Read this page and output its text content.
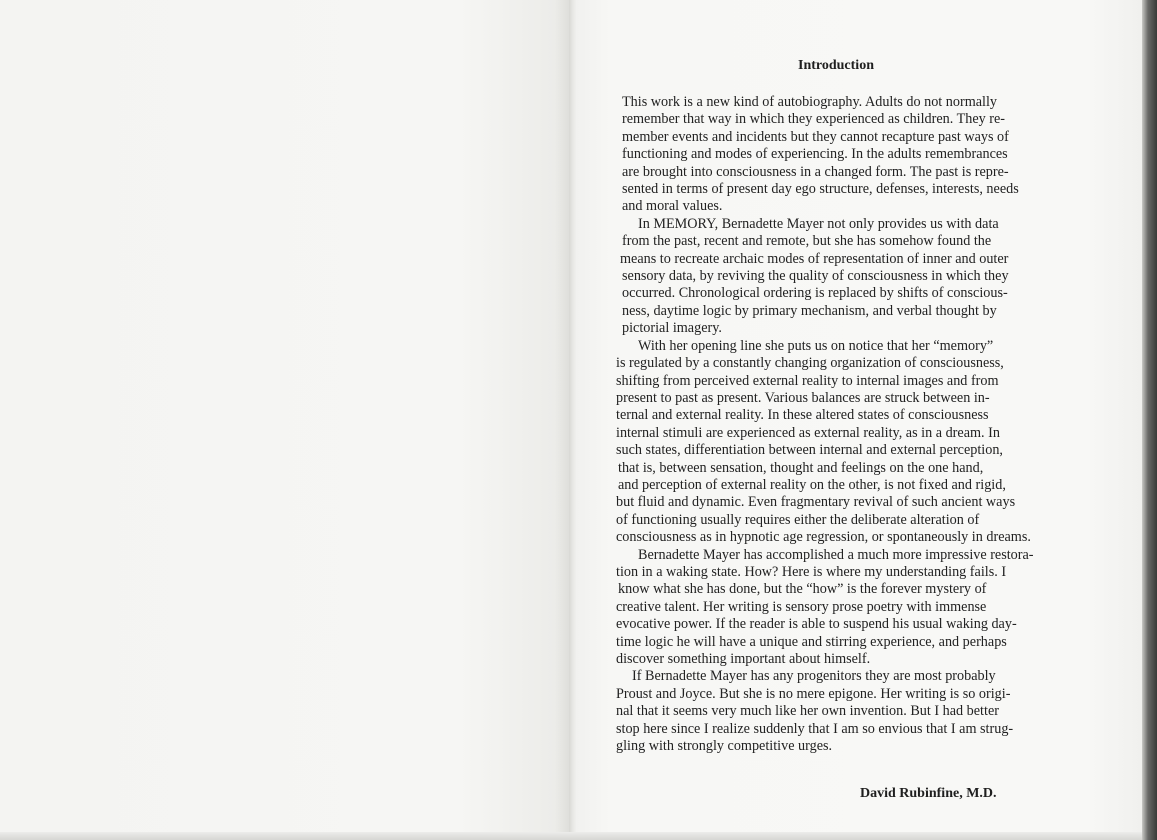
Introduction
This work is a new kind of autobiography. Adults do not normally
remember that way in which they experienced as children. They re-
member events and incidents but they cannot recapture past ways of
functioning and modes of experiencing. In the adults remembrances
are brought into consciousness in a changed form. The past is repre-
sented in terms of present day ego structure, defenses, interests, needs
and moral values.
In MEMORY, Bernadette Mayer not only provides us with data
from the past, recent and remote, but she has somehow found the
means to recreate archaic modes of representation of inner and outer
sensory data, by reviving the quality of consciousness in which they
occurred. Chronological ordering is replaced by shifts of conscious-
ness, daytime logic by primary mechanism, and verbal thought by
pictorial imagery.
With her opening line she puts us on notice that her “memory”
is regulated by a constantly changing organization of consciousness,
shifting from perceived external reality to internal images and from
present to past as present. Various balances are struck between in-
ternal and external reality. In these altered states of consciousness
internal stimuli are experienced as external reality, as in a dream. In
such states, differentiation between internal and external perception,
that is, between sensation, thought and feelings on the one hand,
and perception of external reality on the other, is not fixed and rigid,
but fluid and dynamic. Even fragmentary revival of such ancient ways
of functioning usually requires either the deliberate alteration of
consciousness as in hypnotic age regression, or spontaneously in dreams.
Bernadette Mayer has accomplished a much more impressive restora-
tion in a waking state. How? Here is where my understanding fails. I
know what she has done, but the “how” is the forever mystery of
creative talent. Her writing is sensory prose poetry with immense
evocative power. If the reader is able to suspend his usual waking day-
time logic he will have a unique and stirring experience, and perhaps
discover something important about himself.
If Bernadette Mayer has any progenitors they are most probably
Proust and Joyce. But she is no mere epigone. Her writing is so origi-
nal that it seems very much like her own invention. But I had better
stop here since I realize suddenly that I am so envious that I am strug-
gling with strongly competitive urges.
David Rubinfine, M.D.
